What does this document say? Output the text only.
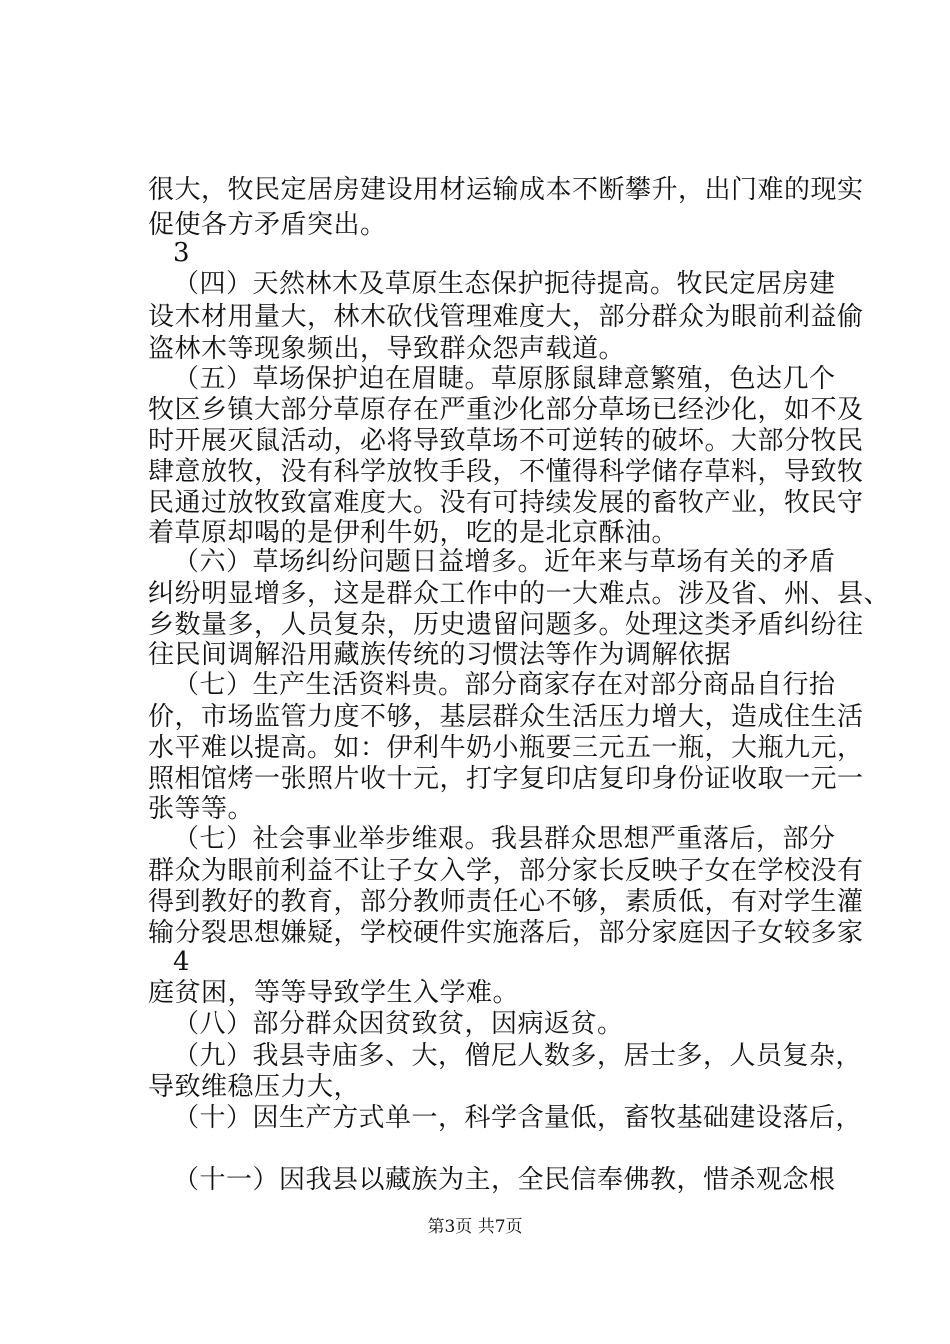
很大，牧民定居房建设用材运输成本不断攀升，出门难的现实
促使各方矛盾突出。
3
（四）天然林木及草原生态保护扼待提高。牧民定居房建
设木材用量大，林木砍伐管理难度大，部分群众为眼前利益偷
盗林木等现象频出，导致群众怨声载道。
（五）草场保护迫在眉睫。草原豚鼠肆意繁殖，色达几个
牧区乡镇大部分草原存在严重沙化部分草场已经沙化，如不及
时开展灭鼠活动，必将导致草场不可逆转的破坏。大部分牧民
肆意放牧，没有科学放牧手段，不懂得科学储存草料，导致牧
民通过放牧致富难度大。没有可持续发展的畜牧产业，牧民守
着草原却喝的是伊利牛奶，吃的是北京酥油。
（六）草场纠纷问题日益增多。近年来与草场有关的矛盾
纠纷明显增多，这是群众工作中的一大难点。涉及省、州、县、
乡数量多，人员复杂，历史遗留问题多。处理这类矛盾纠纷往
往民间调解沿用藏族传统的习惯法等作为调解依据
（七）生产生活资料贵。部分商家存在对部分商品自行抬
价，市场监管力度不够，基层群众生活压力增大，造成住生活
水平难以提高。如：伊利牛奶小瓶要三元五一瓶，大瓶九元，
照相馆烤一张照片收十元，打字复印店复印身份证收取一元一
张等等。
（七）社会事业举步维艰。我县群众思想严重落后，部分
群众为眼前利益不让子女入学，部分家长反映子女在学校没有
得到教好的教育，部分教师责任心不够，素质低，有对学生灌
输分裂思想嫌疑，学校硬件实施落后，部分家庭因子女较多家
4
庭贫困，等等导致学生入学难。
（八）部分群众因贫致贫，因病返贫。
（九）我县寺庙多、大，僧尼人数多，居士多，人员复杂，
导致维稳压力大，
（十）因生产方式单一，科学含量低，畜牧基础建设落后，
（十一）因我县以藏族为主，全民信奉佛教，惜杀观念根
第3页 共7页
